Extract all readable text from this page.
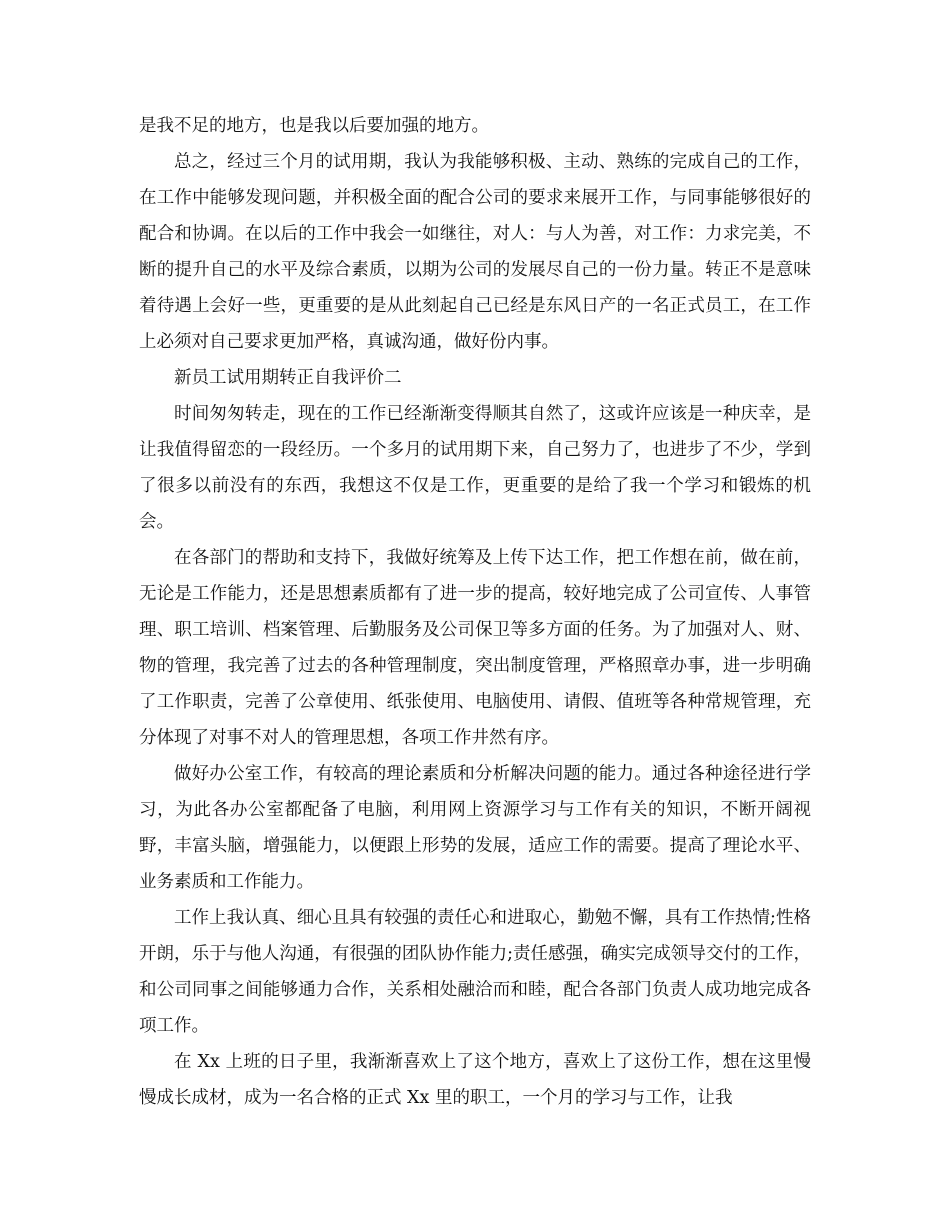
是我不足的地方，也是我以后要加强的地方。

总之，经过三个月的试用期，我认为我能够积极、主动、熟练的完成自己的工作，在工作中能够发现问题，并积极全面的配合公司的要求来展开工作，与同事能够很好的配合和协调。在以后的工作中我会一如继往，对人：与人为善，对工作：力求完美，不断的提升自己的水平及综合素质，以期为公司的发展尽自己的一份力量。转正不是意味着待遇上会好一些，更重要的是从此刻起自己已经是东风日产的一名正式员工，在工作上必须对自己要求更加严格，真诚沟通，做好份内事。

新员工试用期转正自我评价二

时间匆匆转走，现在的工作已经渐渐变得顺其自然了，这或许应该是一种庆幸，是让我值得留恋的一段经历。一个多月的试用期下来，自己努力了，也进步了不少，学到了很多以前没有的东西，我想这不仅是工作，更重要的是给了我一个学习和锻炼的机会。

在各部门的帮助和支持下，我做好统筹及上传下达工作，把工作想在前，做在前，无论是工作能力，还是思想素质都有了进一步的提高，较好地完成了公司宣传、人事管理、职工培训、档案管理、后勤服务及公司保卫等多方面的任务。为了加强对人、财、物的管理，我完善了过去的各种管理制度，突出制度管理，严格照章办事，进一步明确了工作职责，完善了公章使用、纸张使用、电脑使用、请假、值班等各种常规管理，充分体现了对事不对人的管理思想，各项工作井然有序。

做好办公室工作，有较高的理论素质和分析解决问题的能力。通过各种途径进行学习，为此各办公室都配备了电脑，利用网上资源学习与工作有关的知识，不断开阔视野，丰富头脑，增强能力，以便跟上形势的发展，适应工作的需要。提高了理论水平、业务素质和工作能力。

工作上我认真、细心且具有较强的责任心和进取心，勤勉不懈，具有工作热情;性格开朗，乐于与他人沟通，有很强的团队协作能力;责任感强，确实完成领导交付的工作，和公司同事之间能够通力合作，关系相处融洽而和睦，配合各部门负责人成功地完成各项工作。

在 Xx 上班的日子里，我渐渐喜欢上了这个地方，喜欢上了这份工作，想在这里慢慢成长成材，成为一名合格的正式 Xx 里的职工，一个月的学习与工作，让我
